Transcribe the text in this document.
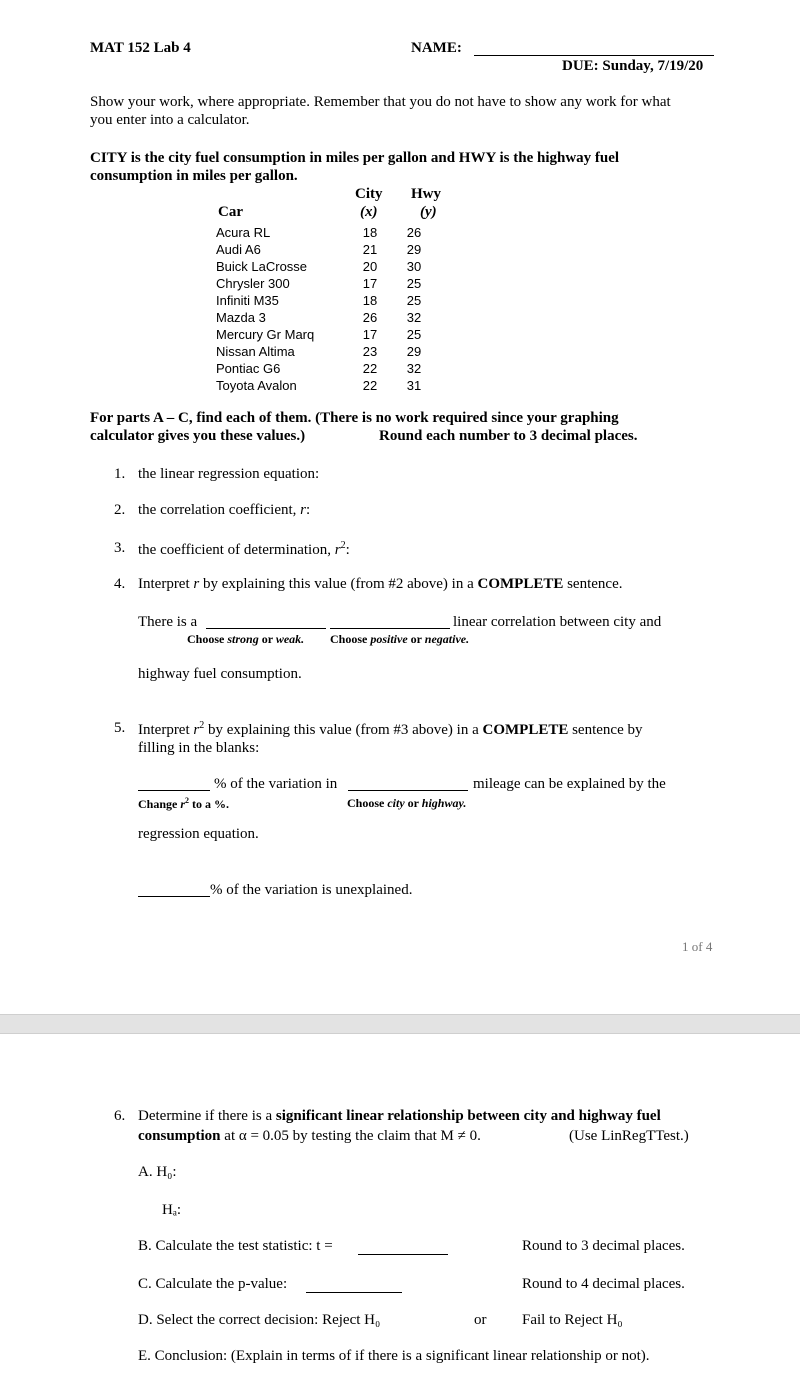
MAT 152 Lab 4	NAME:
DUE: Sunday, 7/19/20
Show your work, where appropriate. Remember that you do not have to show any work for what
you enter into a calculator.
CITY is the city fuel consumption in miles per gallon and HWY is the highway fuel
consumption in miles per gallon.
City Hwy
Car	(x)	(y)
Acura RL	18	26
Audi A6	21	29
Buick LaCrosse	20	30
Chrysler 300	17	25
Infiniti M35	18	25
Mazda 3	26	32
Mercury Gr Marq	17	25
Nissan Altima	23	29
Pontiac G6	22	32
Toyota Avalon	22	31
For parts A – C, find each of them. (There is no work required since your graphing
calculator gives you these values.)	Round each number to 3 decimal places.
1. the linear regression equation:
2. the correlation coefficient, r:
3. the coefficient of determination, $r^2$:
4. Interpret r by explaining this value (from #2 above) in a COMPLETE sentence.
There is a	linear correlation between city and
Choose strong or weak. Choose positive or negative.
highway fuel consumption.
5. Interpret $r^2$ by explaining this value (from #3 above) in a COMPLETE sentence by
filling in the blanks:
% of the variation in	mileage can be explained by the
Change $r^2$ to a %.	Choose city or highway.
regression equation.
% of the variation is unexplained.
1 of 4
6. Determine if there is a significant linear relationship between city and highway fuel
consumption at α = 0.05 by testing the claim that M ≠ 0.	(Use LinRegTTest.)
A. H₀:
Hₐ:
B. Calculate the test statistic: t =	Round to 3 decimal places.
C. Calculate the p-value:	Round to 4 decimal places.
D. Select the correct decision: Reject H₀	or Fail to Reject H₀
E. Conclusion: (Explain in terms of if there is a significant linear relationship or not).
